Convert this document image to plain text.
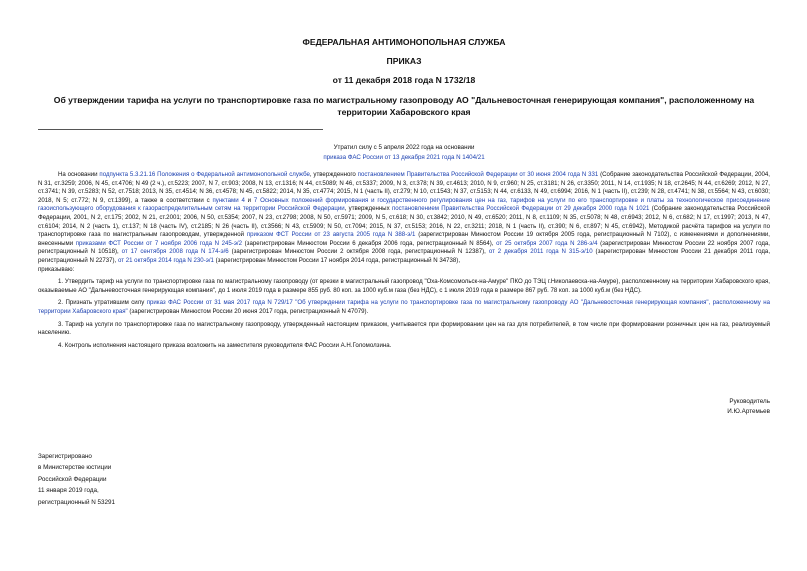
ФЕДЕРАЛЬНАЯ АНТИМОНОПОЛЬНАЯ СЛУЖБА
ПРИКАЗ
от 11 декабря 2018 года N 1732/18
Об утверждении тарифа на услуги по транспортировке газа по магистральному газопроводу АО "Дальневосточная генерирующая компания", расположенному на территории Хабаровского края
Утратил силу с 5 апреля 2022 года на основании
приказа ФАС России от 13 декабря 2021 года N 1404/21

На основании подпункта 5.3.21.16 Положения о Федеральной антимонопольной службе, утвержденного постановлением Правительства Российской Федерации от 30 июня 2004 года N 331 (Собрание законодательства Российской Федерации, 2004, N 31, ст.3259; 2006, N 45, ст.4706; N 49 (2 ч.), ст.5223; 2007, N 7, ст.903; 2008, N 13, ст.1316; N 44, ст.5089; N 46, ст.5337; 2009, N 3, ст.378; N 39, ст.4613; 2010, N 9, ст.960; N 25, ст.3181; N 26, ст.3350; 2011, N 14, ст.1935; N 18, ст.2645; N 44, ст.6269; 2012, N 27, ст.3741; N 39, ст.5283; N 52, ст.7518; 2013, N 35, ст.4514; N 36, ст.4578; N 45, ст.5822; 2014, N 35, ст.4774; 2015, N 1 (часть II), ст.279; N 10, ст.1543; N 37, ст.5153; N 44, ст.6133, N 49, ст.6994; 2016, N 1 (часть II), ст.239; N 28, ст.4741; N 38, ст.5564; N 43, ст.6030; 2018, N 5; ст.772; N 9, ст.1399), а также в соответствии с пунктами 4 и 7 Основных положений формирования и государственного регулирования цен на газ, тарифов на услуги по его транспортировке и платы за технологическое присоединение газоиспользующего оборудования к газораспределительным сетям на территории Российской Федерации, утвержденных постановлением Правительства Российской Федерации от 29 декабря 2000 года N 1021 (Собрание законодательства Российской Федерации, 2001, N 2, ст.175; 2002, N 21, ст.2001; 2006, N 50, ст.5354; 2007, N 23, ст.2798; 2008, N 50, ст.5971; 2009, N 5, ст.618; N 30, ст.3842; 2010, N 49, ст.6520; 2011, N 8, ст.1109; N 35, ст.5078; N 48, ст.6943; 2012, N 6, ст.682; N 17, ст.1997; 2013, N 47, ст.6104; 2014, N 2 (часть 1), ст.137; N 18 (часть IV), ст.2185; N 26 (часть II), ст.3566; N 43, ст.5909; N 50, ст.7094; 2015, N 37, ст.5153; 2016, N 22, ст.3211; 2018, N 1 (часть II), ст.390; N 6, ст.897; N 45, ст.6942), Методикой расчёта тарифов на услуги по транспортировке газа по магистральным газопроводам, утвержденной приказом ФСТ России от 23 августа 2005 года N 388-э/1 (зарегистрирован Минюстом России 19 октября 2005 года, регистрационный N 7102), с изменениями и дополнениями, внесенными приказами ФСТ России от 7 ноября 2006 года N 245-э/2 (зарегистрирован Минюстом России 6 декабря 2006 года, регистрационный N 8564), от 25 октября 2007 года N 286-э/4 (зарегистрирован Минюстом России 22 ноября 2007 года, регистрационный N 10518), от 17 сентября 2008 года N 174-э/6 (зарегистрирован Минюстом России 2 октября 2008 года, регистрационный N 12387), от 2 декабря 2011 года N 315-э/10 (зарегистрирован Минюстом России 21 декабря 2011 года, регистрационный N 22737), от 21 октября 2014 года N 230-э/1 (зарегистрирован Минюстом России 17 ноября 2014 года, регистрационный N 34738),

приказываю:

1. Утвердить тариф на услуги по транспортировке газа по магистральному газопроводу (от врезки в магистральный газопровод "Оха-Комсомольск-на-Амуре" ПКО до ТЭЦ г.Николаевска-на-Амуре), расположенному на территории Хабаровского края, оказываемые АО "Дальневосточная генерирующая компания", до 1 июля 2019 года в размере 855 руб. 80 коп. за 1000 куб.м газа (без НДС), с 1 июля 2019 года в размере 867 руб. 78 коп. за 1000 куб.м (без НДС).

2. Признать утратившим силу приказ ФАС России от 31 мая 2017 года N 729/17 "Об утверждении тарифа на услуги по транспортировке газа по магистральному газопроводу АО "Дальневосточная генерирующая компания", расположенному на территории Хабаровского края" (зарегистрирован Минюстом России 20 июня 2017 года, регистрационный N 47079).

3. Тариф на услуги по транспортировке газа по магистральному газопроводу, утвержденный настоящим приказом, учитывается при формировании цен на газ для потребителей, в том числе при формировании розничных цен на газ, реализуемый населению.

4. Контроль исполнения настоящего приказа возложить на заместителя руководителя ФАС России А.Н.Голомолзина.

Руководитель
И.Ю.Артемьев
Зарегистрировано
в Министерстве юстиции
Российской Федерации
11 января 2019 года,
регистрационный N 53291
